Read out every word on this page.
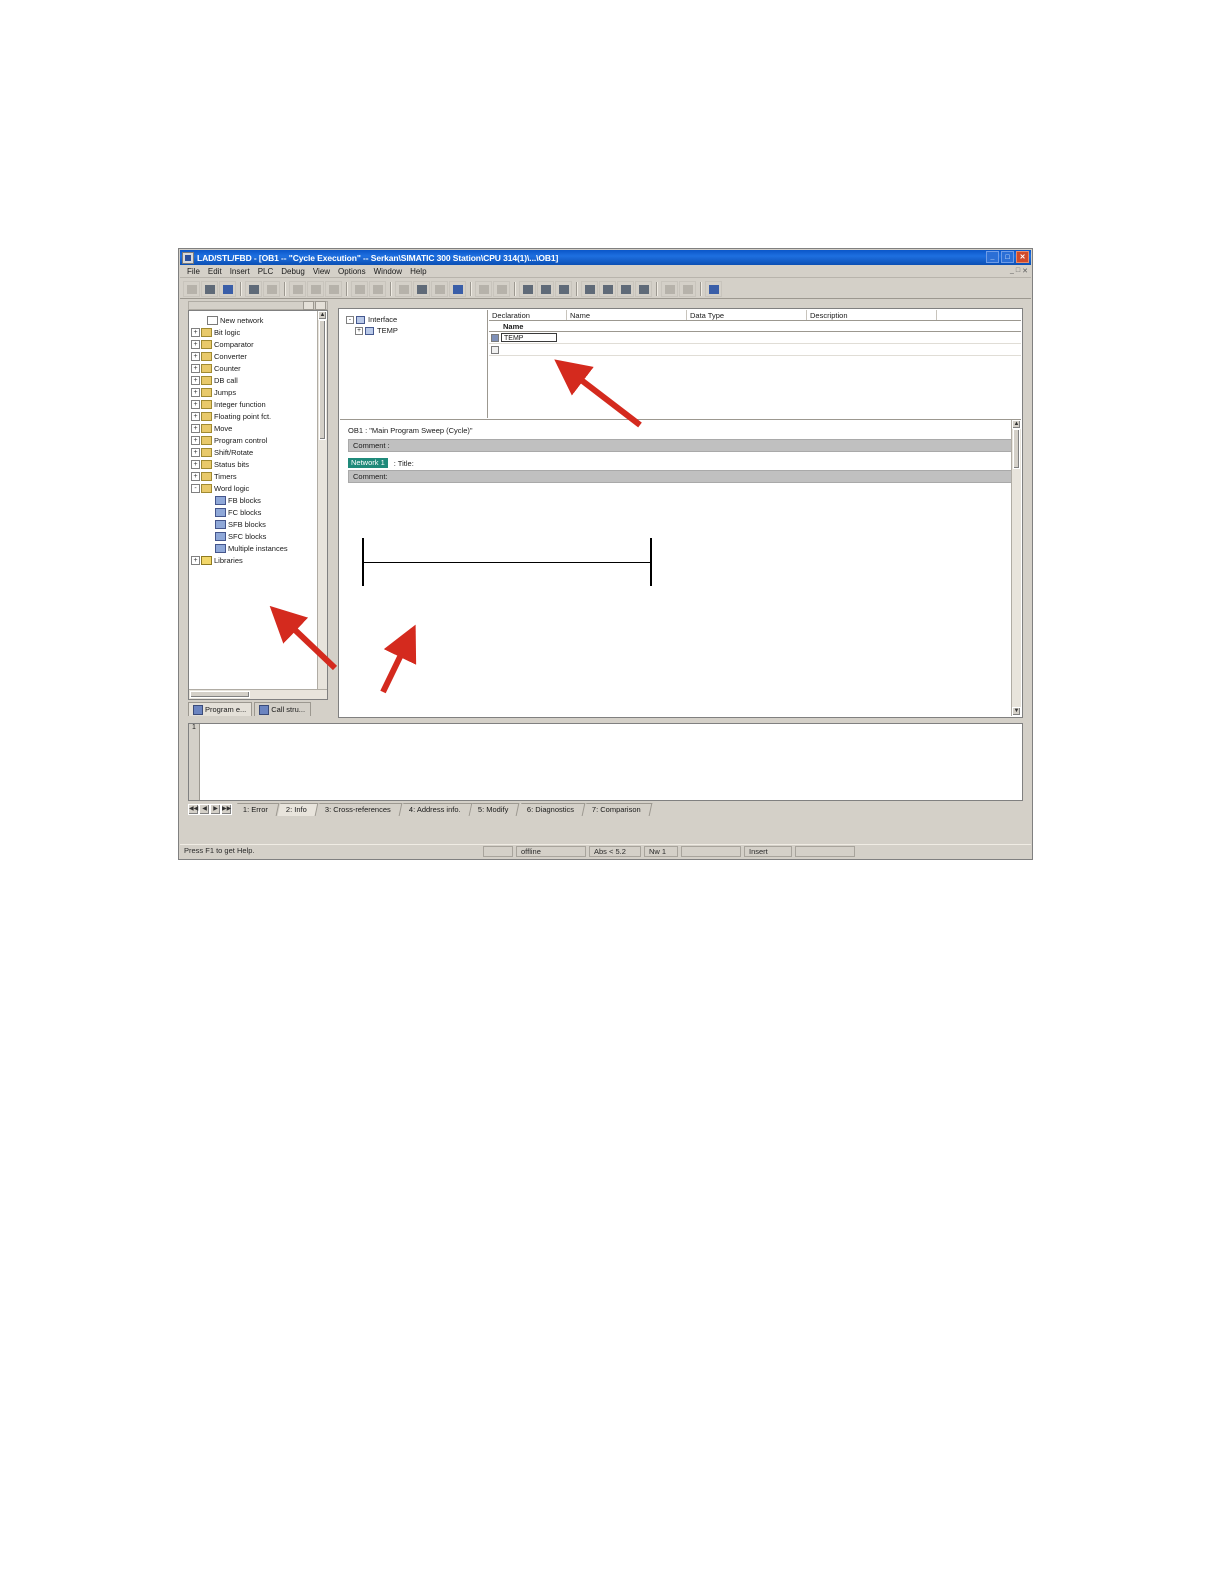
LAD/STL/FBD - [OB1 -- "Cycle Execution" -- Serkan\SIMATIC 300 Station\CPU 314(1)\...\OB1]	_	□	✕
File	Edit	Insert	PLC	Debug	View	Options	Window	Help	_ □ ✕
New network
+	Bit logic
+	Comparator
+	Converter
+	Counter
+	DB call
+	Jumps
+	Integer function
+	Floating point fct.
+	Move
+	Program control
+	Shift/Rotate
+	Status bits
+	Timers
-	Word logic
FB blocks
FC blocks
SFB blocks
SFC blocks
Multiple instances
+	Libraries
▲
Program e...	Call stru...
-	Interface
+ TEMP
Declaration	Name	Data Type	Description
Name
TEMP
OB1 : "Main Program Sweep (Cycle)"
Comment :
Network 1	: Title:
Comment:
▲
▼
1
◀◀ ◀	▶ ▶▶	1: Error	2: Info	3: Cross-references	4: Address info.	5: Modify	6: Diagnostics	7: Comparison
Press F1 to get Help.	offline	Abs < 5.2	Nw 1	Insert
